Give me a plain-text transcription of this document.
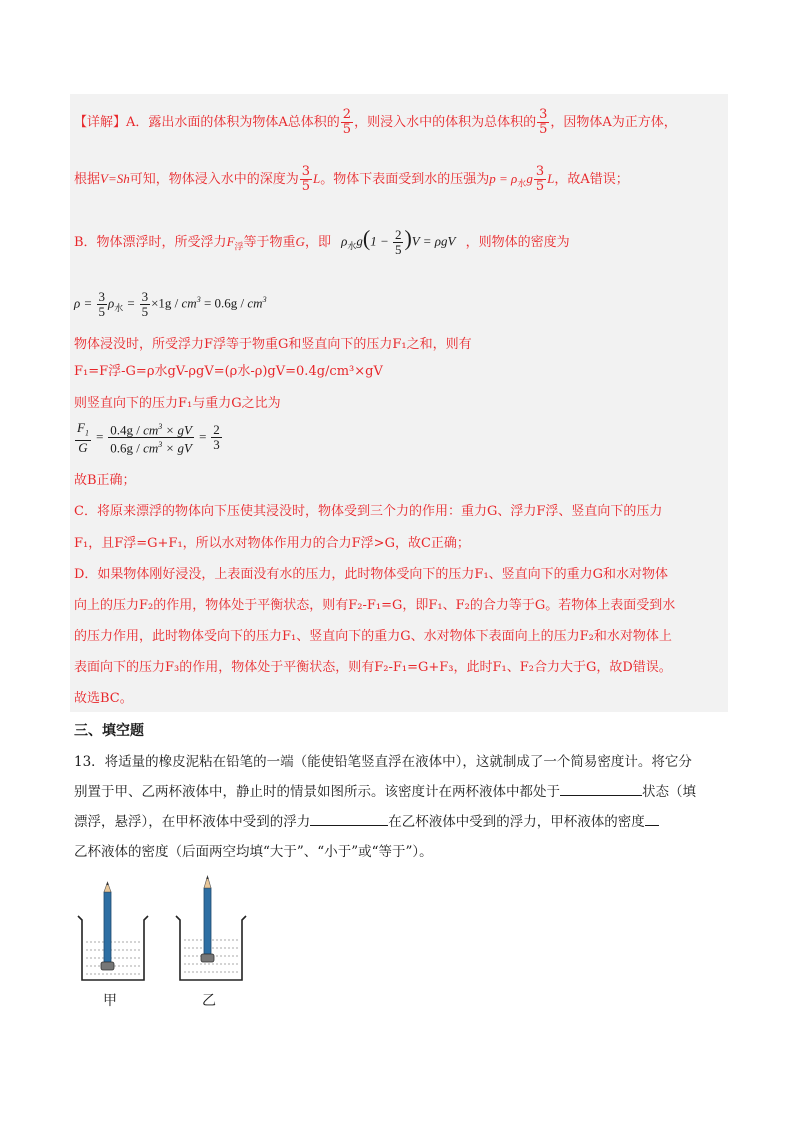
【详解】A．露出水面的体积为物体A总体积的 $\frac{2}{5}$ ，则浸入水中的体积为总体积的 $\frac{3}{5}$ ，因物体A为正方体，
根据V=Sh可知，物体浸入水中的深度为 $\frac{3}{5}$ L。物体下表面受到水的压强为$p = \rho_水g \frac{3}{5}$ L，故A错误；
B．物体漂浮时，所受浮力$F_浮$等于物重G，即 $\rho_水g(1 - \frac{2}{5} )V = \rho gV$ ，则物体的密度为
$\rho = \frac{3}{5} \rho_水 = \frac{3}{5} \times 1g / cm^3 = 0.6g / cm^3$
物体浸没时，所受浮力F浮等于物重G和竖直向下的压力F₁之和，则有
F₁=F浮-G=ρ水gV-ρgV=(ρ水-ρ)gV=0.4g/cm³×gV
则竖直向下的压力F₁与重力G之比为
$\frac{F_1}{G} = \frac{0.4g / cm^3 \times gV}{0.6g / cm^3 \times gV} = \frac{2}{3}$
故B正确；
C．将原来漂浮的物体向下压使其浸没时，物体受到三个力的作用：重力G、浮力F浮、竖直向下的压力
F₁，且F浮=G+F₁，所以水对物体作用力的合力F浮>G，故C正确；
D．如果物体刚好浸没，上表面没有水的压力，此时物体受向下的压力F₁、竖直向下的重力G和水对物体
向上的压力F₂的作用，物体处于平衡状态，则有F₂-F₁=G，即F₁、F₂的合力等于G。若物体上表面受到水
的压力作用，此时物体受向下的压力F₁、竖直向下的重力G、水对物体下表面向上的压力F₂和水对物体上
表面向下的压力F₃的作用，物体处于平衡状态，则有F₂-F₁=G+F₃，此时F₁、F₂合力大于G，故D错误。
故选BC。
三、填空题
13．将适量的橡皮泥粘在铅笔的一端（能使铅笔竖直浮在液体中），这就制成了一个简易密度计。将它分
别置于甲、乙两杯液体中，静止时的情景如图所示。该密度计在两杯液体中都处于	状态（填
漂浮，悬浮），在甲杯液体中受到的浮力	在乙杯液体中受到的浮力，甲杯液体的密度
乙杯液体的密度（后面两空均填“大于”、“小于”或“等于”）。
甲	乙
